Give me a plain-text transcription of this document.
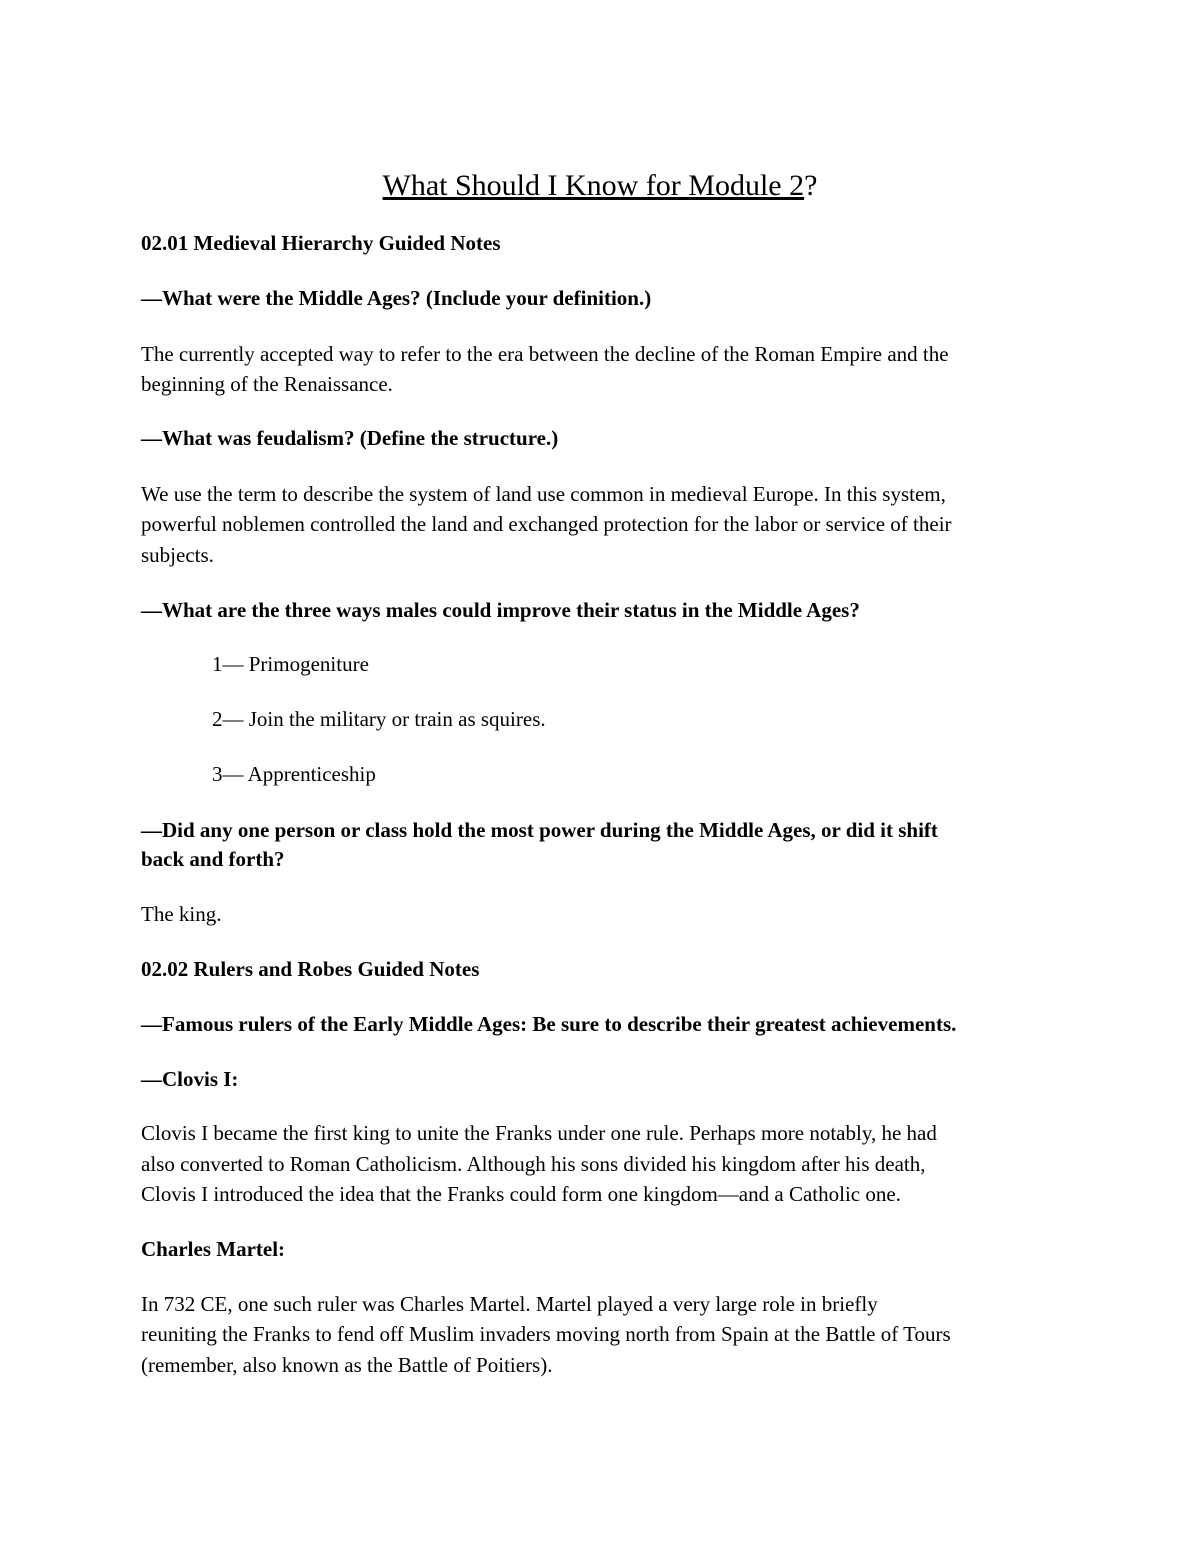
What Should I Know for Module 2?

02.01 Medieval Hierarchy Guided Notes

—What were the Middle Ages? (Include your definition.)

The currently accepted way to refer to the era between the decline of the Roman Empire and the

beginning of the Renaissance.

—What was feudalism? (Define the structure.)

We use the term to describe the system of land use common in medieval Europe. In this system,

powerful noblemen controlled the land and exchanged protection for the labor or service of their

subjects.

—What are the three ways males could improve their status in the Middle Ages?

1— Primogeniture

2— Join the military or train as squires.

3— Apprenticeship

—Did any one person or class hold the most power during the Middle Ages, or did it shift

back and forth?

The king.

02.02 Rulers and Robes Guided Notes

—Famous rulers of the Early Middle Ages: Be sure to describe their greatest achievements.

—Clovis I:

Clovis I became the first king to unite the Franks under one rule. Perhaps more notably, he had

also converted to Roman Catholicism. Although his sons divided his kingdom after his death,

Clovis I introduced the idea that the Franks could form one kingdom—and a Catholic one.

Charles Martel:

In 732 CE, one such ruler was Charles Martel. Martel played a very large role in briefly

reuniting the Franks to fend off Muslim invaders moving north from Spain at the Battle of Tours

(remember, also known as the Battle of Poitiers).
